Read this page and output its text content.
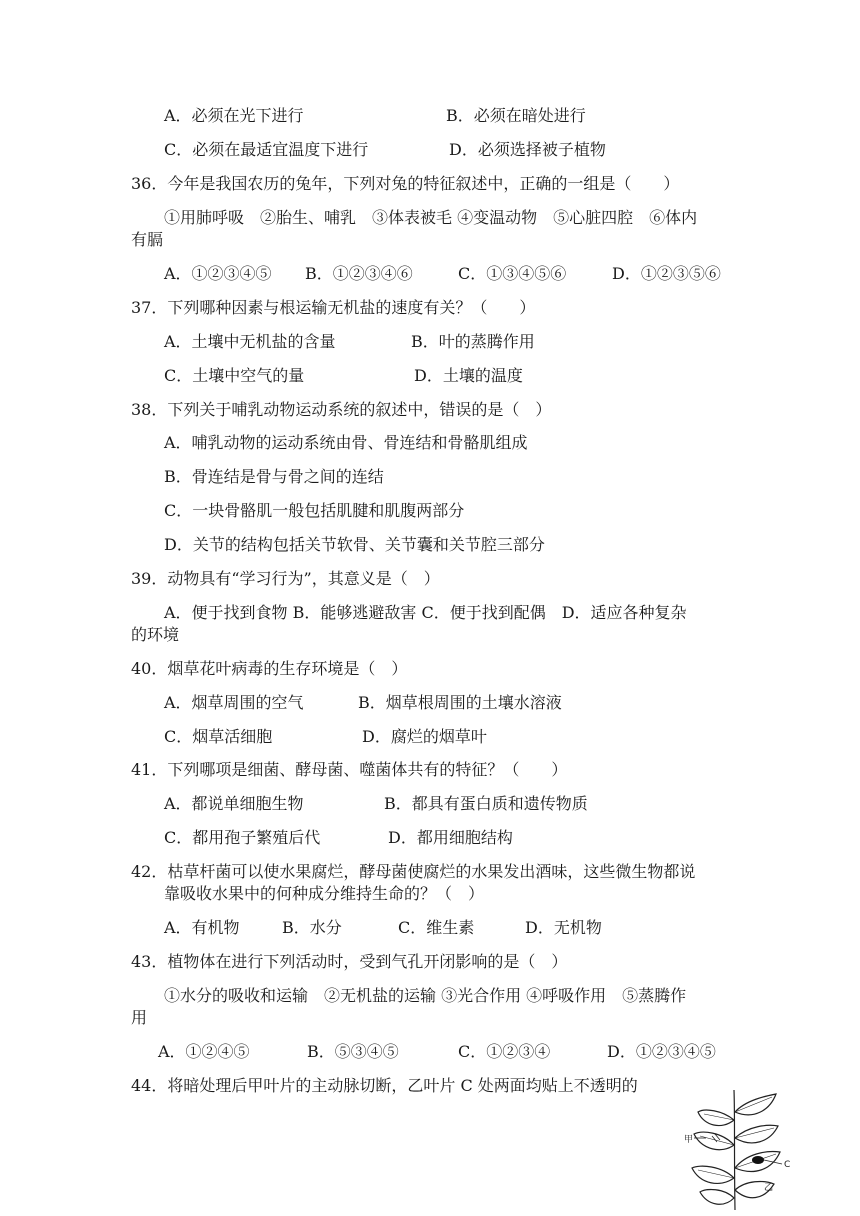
A．必须在光下进行	B．必须在暗处进行
C．必须在最适宜温度下进行	D．必须选择被子植物
36．今年是我国农历的兔年，下列对兔的特征叙述中，正确的一组是（　　）
①用肺呼吸　②胎生、哺乳　③体表被毛 ④变温动物　⑤心脏四腔　⑥体内有膈
A．①②③④⑤ B．①②③④⑥	C．①③④⑤⑥	D．①②③⑤⑥
37．下列哪种因素与根运输无机盐的速度有关？（　　）
A．土壤中无机盐的含量	B．叶的蒸腾作用
C．土壤中空气的量	D．土壤的温度
38．下列关于哺乳动物运动系统的叙述中，错误的是（　）
A．哺乳动物的运动系统由骨、骨连结和骨骼肌组成
B．骨连结是骨与骨之间的连结
C．一块骨骼肌一般包括肌腱和肌腹两部分
D．关节的结构包括关节软骨、关节囊和关节腔三部分
39．动物具有“学习行为”，其意义是（　）
A．便于找到食物 B．能够逃避敌害 C．便于找到配偶　D．适应各种复杂的环境
40．烟草花叶病毒的生存环境是（　）
A．烟草周围的空气	B．烟草根周围的土壤水溶液
C．烟草活细胞	D．腐烂的烟草叶
41．下列哪项是细菌、酵母菌、噬菌体共有的特征？（　　）
A．都说单细胞生物	B．都具有蛋白质和遗传物质
C．都用孢子繁殖后代	D．都用细胞结构
42．枯草杆菌可以使水果腐烂，酵母菌使腐烂的水果发出酒味，这些微生物都说
靠吸收水果中的何种成分维持生命的？（　）
A．有机物	B．水分	C．维生素	D．无机物
43．植物体在进行下列活动时，受到气孔开闭影响的是（　）
①水分的吸收和运输　②无机盐的运输 ③光合作用 ④呼吸作用　⑤蒸腾作用
A．①②④⑤	B．⑤③④⑤	C．①②③④	D．①②③④⑤
44．将暗处理后甲叶片的主动脉切断，乙叶片 C 处两面均贴上不透明的
甲
C
乙
